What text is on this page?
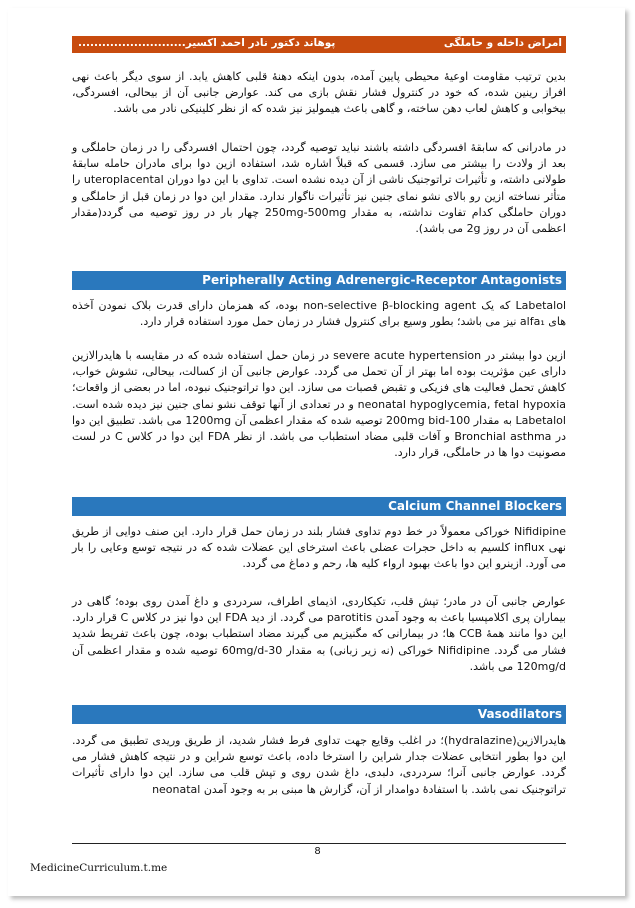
امراض داخله و حاملگی
پوهاند دکتور نادر احمد اکسیر...........................

بدین ترتیب مقاومت اوعیهٔ محیطی پایین آمده، بدون اینکه دهنهٔ قلبی کاهش یابد. از سوی دیگر باعث نهی افراز رینین شده، که خود در کنترول فشار نقش بازی می کند. عوارض جانبی آن از بیحالی، افسردگی، بیخوابی و کاهش لعاب دهن ساخته، و گاهی باعث هیمولیز نیز شده که از نظر کلینیکی نادر می باشد.

در مادرانی که سابقهٔ افسردگی داشته باشند نباید توصیه گردد، چون احتمال افسردگی را در زمان حاملگی و بعد از ولادت را بیشتر می سازد. قسمی که قبلاً اشاره شد، استفاده ازین دوا برای مادران حامله سابقهٔ طولانی داشته، و تأثیرات تراتوجنیک ناشی از آن دیده نشده است. تداوی با این دوا دوران uteroplacental را متأثر نساخته ازین رو بالای نشو نمای جنین نیز تأثیرات ناگوار ندارد. مقدار این دوا در زمان قبل از حاملگی و دوران حاملگی کدام تفاوت نداشته، به مقدار 250mg-500mg چهار بار در روز توصیه می گردد(مقدار اعظمی آن در روز 2g می باشد).

Peripherally Acting Adrenergic-Receptor Antagonists

Labetalol که یک non-selective β-blocking agent بوده، که همزمان دارای قدرت بلاک نمودن آخذه های alfa₁ نیز می باشد؛ بطور وسیع برای کنترول فشار در زمان حمل مورد استفاده قرار دارد.

ازین دوا بیشتر در severe acute hypertension در زمان حمل استفاده شده که در مقایسه با هایدرالازین دارای عین مؤثریت بوده اما بهتر از آن تحمل می گردد. عوارض جانبی آن از کسالت، بیحالی، تشوش خواب، کاهش تحمل فعالیت های فزیکی و تقبض قصبات می سازد. این دوا تراتوجنیک نبوده، اما در بعضی از واقعات؛ neonatal hypoglycemia, fetal hypoxia و در تعدادی از آنها توقف نشو نمای جنین نیز دیده شده است. Labetalol به مقدار 100-200mg bid توصیه شده که مقدار اعظمی آن 1200mg می باشد. تطبیق این دوا در Bronchial asthma و آفات قلبی مضاد استطباب می باشد. از نظر FDA این دوا در کلاس C در لست مصونیت دوا ها در حاملگی، قرار دارد.

Calcium Channel Blockers

Nifidipine خوراکی معمولاً در خط دوم تداوی فشار بلند در زمان حمل قرار دارد. این صنف دوایی از طریق نهی influx کلسیم به داخل حجرات عضلی باعث استرخای این عضلات شده که در نتیجه توسع وعایی را بار می آورد. ازینرو این دوا باعث بهبود ارواء کلیه ها، رحم و دماغ می گردد.

عوارض جانبی آن در مادر؛ تپش قلب، تکیکاردی، اذیمای اطراف، سردردی و داغ آمدن روی بوده؛ گاهی در بیماران پری اکلامپسیا باعث به وجود آمدن parotitis می گردد. از دید FDA این دوا نیز در کلاس C قرار دارد. این دوا مانند همهٔ CCB ها؛ در بیمارانی که مگنیزیم می گیرند مضاد استطباب بوده، چون باعث تفریط شدید فشار می گردد. Nifidipine خوراکی (نه زیر زبانی) به مقدار 30-60mg/d توصیه شده و مقدار اعظمی آن 120mg/d می باشد.

Vasodilators

هایدرالازین(hydralazine)؛ در اغلب وقایع جهت تداوی فرط فشار شدید، از طریق وریدی تطبیق می گردد. این دوا بطور انتخابی عضلات جدار شراین را استرخا داده، باعث توسع شراین و در نتیجه کاهش فشار می گردد. عوارض جانبی آنرا؛ سردردی، دلبدی، داغ شدن روی و تپش قلب می سازد. این دوا دارای تأثیرات تراتوجنیک نمی باشد. با استفادهٔ دوامدار از آن، گزارش ها مبنی بر به وجود آمدن neonatal

8
MedicineCurriculum.t.me
